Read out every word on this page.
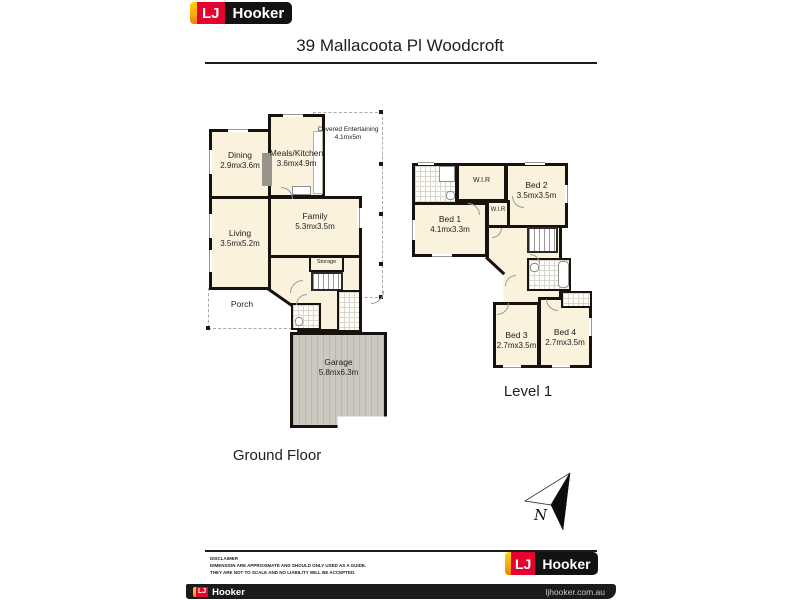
LJ Hooker
39 Mallacoota Pl Woodcroft
Dining
2.9mx3.6m
Meals/Kitchen
3.6mx4.9m
Covered Entertaining
4.1mx5m
Living
3.5mx5.2m
Family
5.3mx3.5m
Storage
Porch
Garage
5.8mx6.3m
Ground Floor
W.I.R
W.I.R
Bed 1
4.1mx3.3m
Bed 2
3.5mx3.5m
Bed 3
2.7mx3.5m
Bed 4
2.7mx3.5m
Level 1
N
DISCLAIMER
DIMENSION ARE APPROXIMATE AND SHOULD ONLY USED AS A GUIDE.
THEY ARE NOT TO SCALE AND NO LIABILITY WILL BE ACCEPTED.
LJ Hooker
LJ Hooker	ljhooker.com.au
